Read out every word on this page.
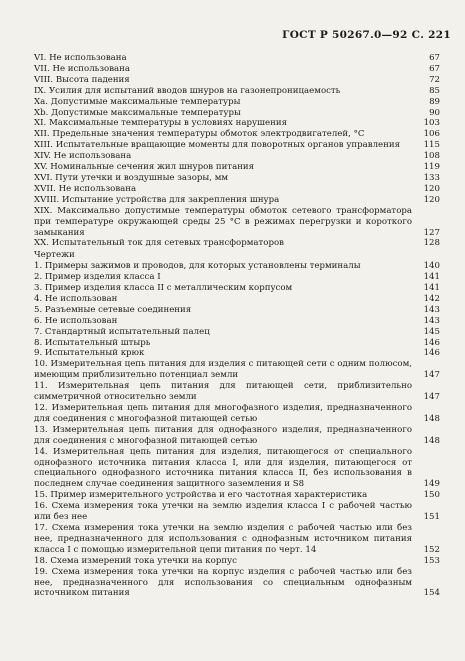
ГОСТ Р 50267.0—92 С. 221
VI. Не использована	67
VII. Не использована	67
VIII. Высота падения	72
IX. Усилия для испытаний вводов шнуров на газонепроницаемость	85
Xa. Допустимые максимальные температуры	89
Xb. Допустимые максимальные температуры	90
XI. Максимальные температуры в условиях нарушения	103
XII. Предельные значения температуры обмоток электродвигателей, °С	106
XIII. Испытательные вращающие моменты для поворотных органов управления	115
XIV. Не использована	108
XV. Номинальные сечения жил шнуров питания	119
XVI. Пути утечки и воздушные зазоры, мм	133
XVII. Не использована	120
XVIII. Испытание устройства для закрепления шнура	120
XIX. Максимально допустимые температуры обмоток сетевого трансформатора при температуре окружающей среды 25 °С в режимах перегрузки и короткого замыкания	127
XX. Испытательный ток для сетевых трансформаторов	128
Чертежи
1. Примеры зажимов и проводов, для которых установлены терминалы	140
2. Пример изделия класса I	141
3. Пример изделия класса II с металлическим корпусом	141
4. Не использован	142
5. Разъемные сетевые соединения	143
6. Не использован	143
7. Стандартный испытательный палец	145
8. Испытательный штырь	146
9. Испытательный крюк	146
10. Измерительная цепь питания для изделия с питающей сети с одним полюсом, имеющим приблизительно потенциал земли	147
11. Измерительная цепь питания для питающей сети, приблизительно симметричной относительно земли	147
12. Измерительная цепь питания для многофазного изделия, предназначенного для соединения с многофазной питающей сетью	148
13. Измерительная цепь питания для однофазного изделия, предназначенного для соединения с многофазной питающей сетью	148
14. Измерительная цепь питания для изделия, питающегося от специального однофазного источника питания класса I, или для изделия, питающегося от специального однофазного источника питания класса II, без использования в последнем случае соединения защитного заземления и S8	149
15. Пример измерительного устройства и его частотная характеристика	150
16. Схема измерения тока утечки на землю изделия класса I с рабочей частью или без нее	151
17. Схема измерения тока утечки на землю изделия с рабочей частью или без нее, предназначенного для использования с однофазным источником питания класса I с помощью измерительной цепи питания по черт. 14	152
18. Схема измерений тока утечки на корпус	153
19. Схема измерения тока утечки на корпус изделия с рабочей частью или без нее, предназначенного для использования со специальным однофазным источником питания	154
